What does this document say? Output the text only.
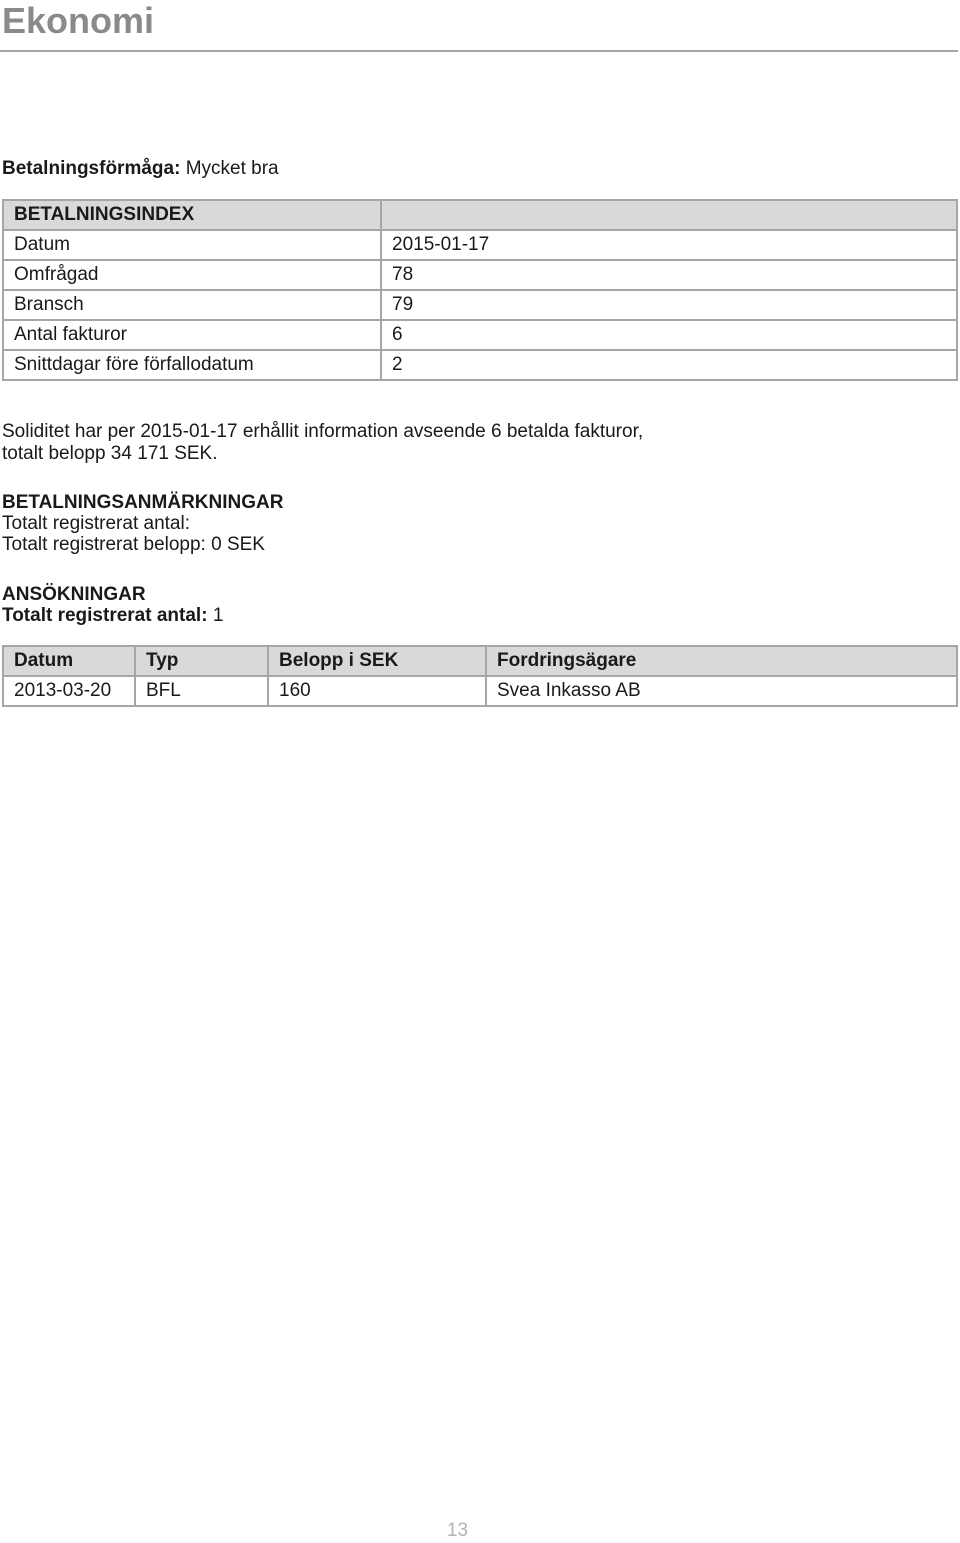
Ekonomi

Betalningsförmåga: Mycket bra

BETALNINGSINDEX	
Datum	2015-01-17
Omfrågad	78
Bransch	79
Antal fakturor	6
Snittdagar före förfallodatum	2

Soliditet har per 2015-01-17 erhållit information avseende 6 betalda fakturor,

totalt belopp 34 171 SEK.

BETALNINGSANMÄRKNINGAR

Totalt registrerat antal:

Totalt registrerat belopp: 0 SEK

ANSÖKNINGAR

Totalt registrerat antal: 1

Datum	Typ	Belopp i SEK	Fordringsägare
2013-03-20	BFL	160	Svea Inkasso AB
13
